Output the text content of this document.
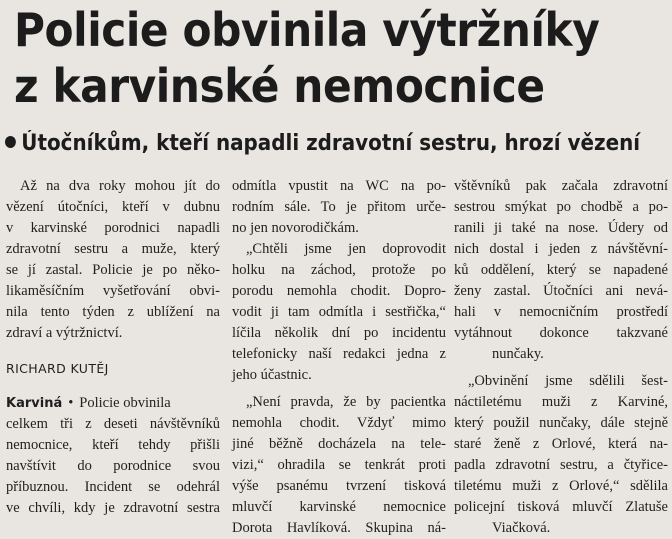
Policie obvinila výtržníky
z karvinské nemocnice
Útočníkům, kteří napadli zdravotní sestru, hrozí vězení
Až na dva roky mohou jít do
vězení útočníci, kteří v dubnu
v karvinské porodnici napadli
zdravotní sestru a muže, který
se jí zastal. Policie je po něko-
likaměsíčním vyšetřování obvi-
nila tento týden z ublížení na
zdraví a výtržnictví.
RICHARD KUTĚJ
Karviná • Policie obvinila
celkem tři z deseti návštěvníků
nemocnice, kteří tehdy přišli
navštívit do porodnice svou
příbuznou. Incident se odehrál
ve chvíli, kdy je zdravotní sestra
odmítla vpustit na WC na po-
rodním sále. To je přitom urče-
no jen novorodičkám.
„Chtěli jsme jen doprovodit
holku na záchod, protože po
porodu nemohla chodit. Dopro-
vodit ji tam odmítla i sestřička,“
líčila několik dní po incidentu
telefonicky naší redakci jedna z
jeho účastnic.
„Není pravda, že by pacientka
nemohla chodit. Vždyť mimo
jiné běžně docházela na tele-
vizi,“ ohradila se tenkrát proti
výše psanému tvrzení tisková
mluvčí karvinské nemocnice
Dorota Havlíková. Skupina ná-
vštěvníků pak začala zdravotní
sestrou smýkat po chodbě a po-
ranili ji také na nose. Údery od
nich dostal i jeden z návštěvní-
ků oddělení, který se napadené
ženy zastal. Útočníci ani nevá-
hali v nemocničním prostředí
vytáhnout dokonce takzvané
nunčaky.
„Obvinění jsme sdělili šest-
náctiletému muži z Karviné,
který použil nunčaky, dále stejně
staré ženě z Orlové, která na-
padla zdravotní sestru, a čtyřice-
tiletému muži z Orlové,“ sdělila
policejní tisková mluvčí Zlatuše
Viačková.
